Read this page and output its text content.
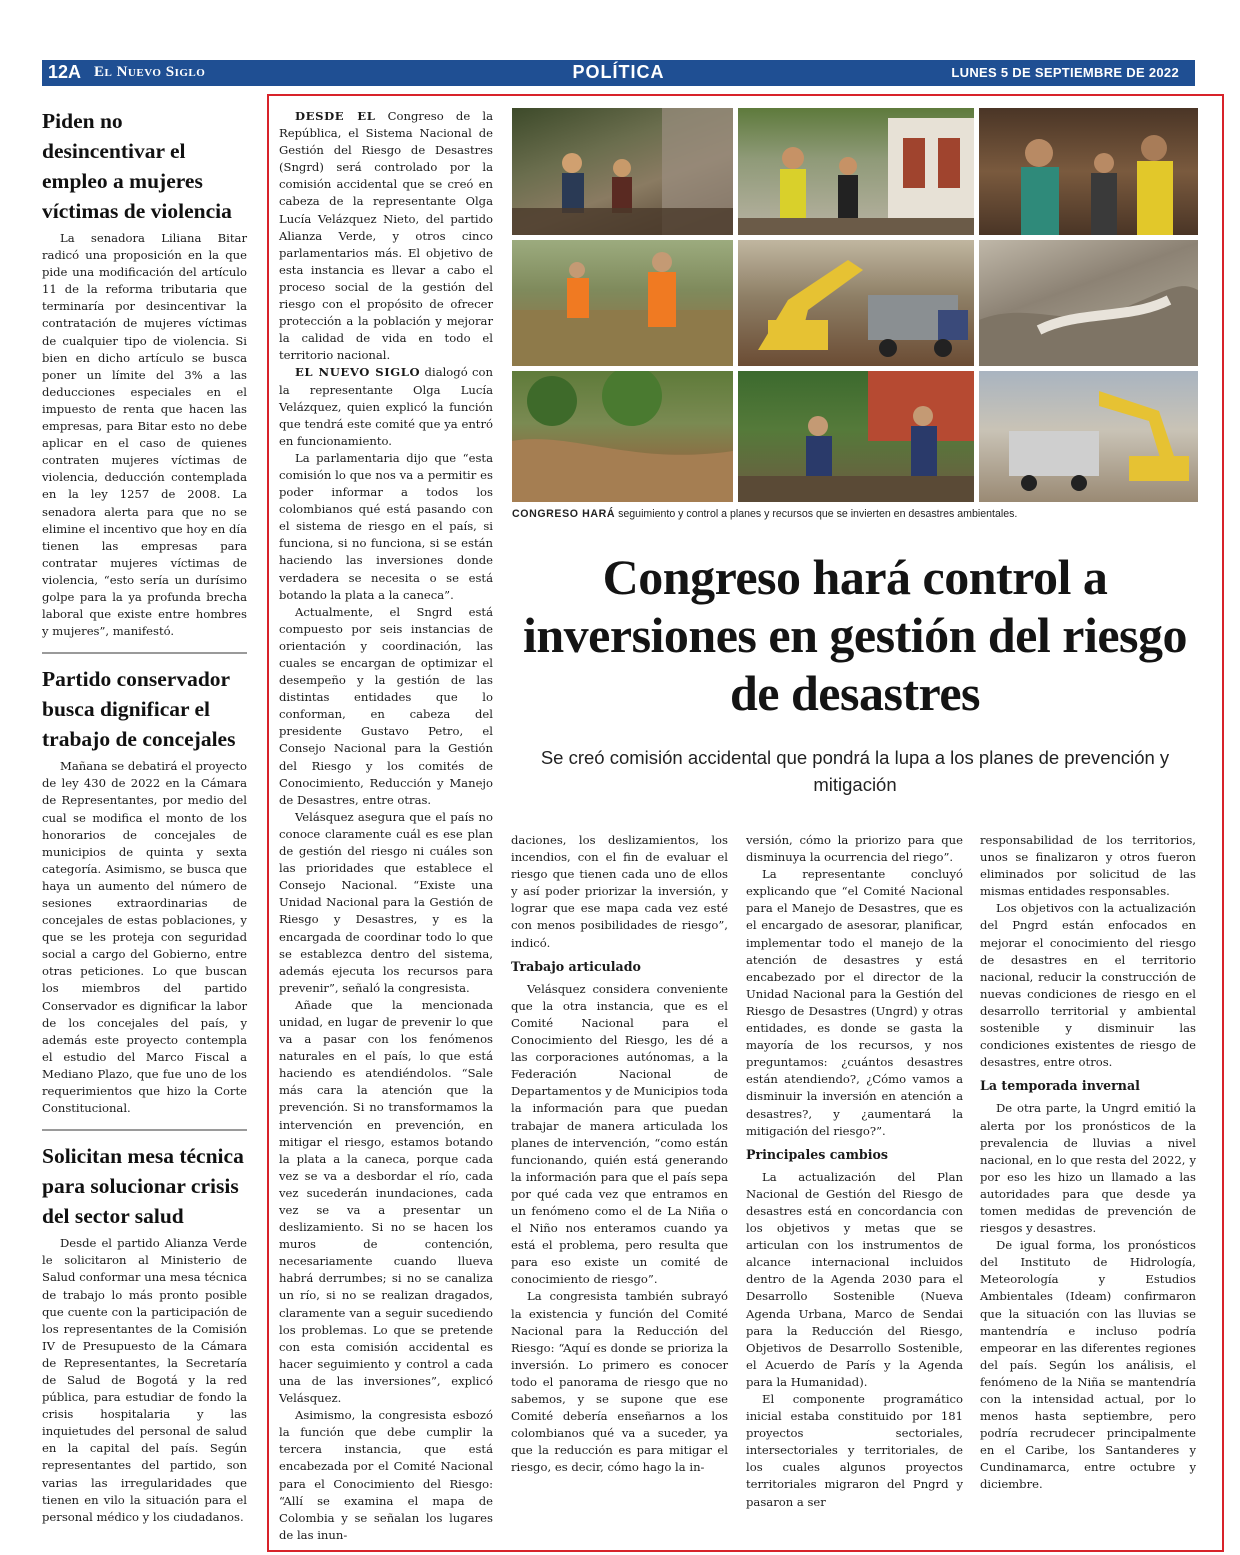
12A El Nuevo Siglo	POLÍTICA	LUNES 5 DE SEPTIEMBRE DE 2022
Piden no desincentivar el empleo a mujeres víctimas de violencia

La senadora Liliana Bitar radicó una proposición en la que pide una modificación del artículo 11 de la reforma tributaria que terminaría por desincentivar la contratación de mujeres víctimas de cualquier tipo de violencia. Si bien en dicho artículo se busca poner un límite del 3% a las deducciones especiales en el impuesto de renta que hacen las empresas, para Bitar esto no debe aplicar en el caso de quienes contraten mujeres víctimas de violencia, deducción contemplada en la ley 1257 de 2008. La senadora alerta para que no se elimine el incentivo que hoy en día tienen las empresas para contratar mujeres víctimas de violencia, “esto sería un durísimo golpe para la ya profunda brecha laboral que existe entre hombres y mujeres”, manifestó.

Partido conservador busca dignificar el trabajo de concejales

Mañana se debatirá el proyecto de ley 430 de 2022 en la Cámara de Representantes, por medio del cual se modifica el monto de los honorarios de concejales de municipios de quinta y sexta categoría. Asimismo, se busca que haya un aumento del número de sesiones extraordinarias de concejales de estas poblaciones, y que se les proteja con seguridad social a cargo del Gobierno, entre otras peticiones. Lo que buscan los miembros del partido Conservador es dignificar la labor de los concejales del país, y además este proyecto contempla el estudio del Marco Fiscal a Mediano Plazo, que fue uno de los requerimientos que hizo la Corte Constitucional.

Solicitan mesa técnica para solucionar crisis del sector salud

Desde el partido Alianza Verde le solicitaron al Ministerio de Salud conformar una mesa técnica de trabajo lo más pronto posible que cuente con la participación de los representantes de la Comisión IV de Presupuesto de la Cámara de Representantes, la Secretaría de Salud de Bogotá y la red pública, para estudiar de fondo la crisis hospitalaria y las inquietudes del personal de salud en la capital del país. Según representantes del partido, son varias las irregularidades que tienen en vilo la situación para el personal médico y los ciudadanos.

DESDE EL Congreso de la República, el Sistema Nacional de Gestión del Riesgo de Desastres (Sngrd) será controlado por la comisión accidental que se creó en cabeza de la representante Olga Lucía Velázquez Nieto, del partido Alianza Verde, y otros cinco parlamentarios más. El objetivo de esta instancia es llevar a cabo el proceso social de la gestión del riesgo con el propósito de ofrecer protección a la población y mejorar la calidad de vida en todo el territorio nacional.

EL NUEVO SIGLO dialogó con la representante Olga Lucía Velázquez, quien explicó la función que tendrá este comité que ya entró en funcionamiento.

La parlamentaria dijo que “esta comisión lo que nos va a permitir es poder informar a todos los colombianos qué está pasando con el sistema de riesgo en el país, si funciona, si no funciona, si se están haciendo las inversiones donde verdadera se necesita o se está botando la plata a la caneca”.

Actualmente, el Sngrd está compuesto por seis instancias de orientación y coordinación, las cuales se encargan de optimizar el desempeño y la gestión de las distintas entidades que lo conforman, en cabeza del presidente Gustavo Petro, el Consejo Nacional para la Gestión del Riesgo y los comités de Conocimiento, Reducción y Manejo de Desastres, entre otras.

Velásquez asegura que el país no conoce claramente cuál es ese plan de gestión del riesgo ni cuáles son las prioridades que establece el Consejo Nacional. “Existe una Unidad Nacional para la Gestión de Riesgo y Desastres, y es la encargada de coordinar todo lo que se establezca dentro del sistema, además ejecuta los recursos para prevenir”, señaló la congresista.

Añade que la mencionada unidad, en lugar de prevenir lo que va a pasar con los fenómenos naturales en el país, lo que está haciendo es atendiéndolos. “Sale más cara la atención que la prevención. Si no transformamos la intervención en prevención, en mitigar el riesgo, estamos botando la plata a la caneca, porque cada vez se va a desbordar el río, cada vez sucederán inundaciones, cada vez se va a presentar un deslizamiento. Si no se hacen los muros de contención, necesariamente cuando llueva habrá derrumbes; si no se canaliza un río, si no se realizan dragados, claramente van a seguir sucediendo los problemas. Lo que se pretende con esta comisión accidental es hacer seguimiento y control a cada una de las inversiones”, explicó Velásquez.

Asimismo, la congresista esbozó la función que debe cumplir la tercera instancia, que está encabezada por el Comité Nacional para el Conocimiento del Riesgo: “Allí se examina el mapa de Colombia y se señalan los lugares de las inun-

CONGRESO HARÁ seguimiento y control a planes y recursos que se invierten en desastres ambientales.
Congreso hará control a inversiones en gestión del riesgo de desastres

Se creó comisión accidental que pondrá la lupa a los planes de prevención y mitigación

daciones, los deslizamientos, los incendios, con el fin de evaluar el riesgo que tienen cada uno de ellos y así poder priorizar la inversión, y lograr que ese mapa cada vez esté con menos posibilidades de riesgo”, indicó.

Trabajo articulado

Velásquez considera conveniente que la otra instancia, que es el Comité Nacional para el Conocimiento del Riesgo, les dé a las corporaciones autónomas, a la Federación Nacional de Departamentos y de Municipios toda la información para que puedan trabajar de manera articulada los planes de intervención, “como están funcionando, quién está generando la información para que el país sepa por qué cada vez que entramos en un fenómeno como el de La Niña o el Niño nos enteramos cuando ya está el problema, pero resulta que para eso existe un comité de conocimiento de riesgo”.

La congresista también subrayó la existencia y función del Comité Nacional para la Reducción del Riesgo: “Aquí es donde se prioriza la inversión. Lo primero es conocer todo el panorama de riesgo que no sabemos, y se supone que ese Comité debería enseñarnos a los colombianos qué va a suceder, ya que la reducción es para mitigar el riesgo, es decir, cómo hago la in-

versión, cómo la priorizo para que disminuya la ocurrencia del riego”.

La representante concluyó explicando que “el Comité Nacional para el Manejo de Desastres, que es el encargado de asesorar, planificar, implementar todo el manejo de la atención de desastres y está encabezado por el director de la Unidad Nacional para la Gestión del Riesgo de Desastres (Ungrd) y otras entidades, es donde se gasta la mayoría de los recursos, y nos preguntamos: ¿cuántos desastres están atendiendo?, ¿Cómo vamos a disminuir la inversión en atención a desastres?, y ¿aumentará la mitigación del riesgo?”.

Principales cambios

La actualización del Plan Nacional de Gestión del Riesgo de desastres está en concordancia con los objetivos y metas que se articulan con los instrumentos de alcance internacional incluidos dentro de la Agenda 2030 para el Desarrollo Sostenible (Nueva Agenda Urbana, Marco de Sendai para la Reducción del Riesgo, Objetivos de Desarrollo Sostenible, el Acuerdo de París y la Agenda para la Humanidad).

El componente programático inicial estaba constituido por 181 proyectos sectoriales, intersectoriales y territoriales, de los cuales algunos proyectos territoriales migraron del Pngrd y pasaron a ser

responsabilidad de los territorios, unos se finalizaron y otros fueron eliminados por solicitud de las mismas entidades responsables.

Los objetivos con la actualización del Pngrd están enfocados en mejorar el conocimiento del riesgo de desastres en el territorio nacional, reducir la construcción de nuevas condiciones de riesgo en el desarrollo territorial y ambiental sostenible y disminuir las condiciones existentes de riesgo de desastres, entre otros.

La temporada invernal

De otra parte, la Ungrd emitió la alerta por los pronósticos de la prevalencia de lluvias a nivel nacional, en lo que resta del 2022, y por eso les hizo un llamado a las autoridades para que desde ya tomen medidas de prevención de riesgos y desastres.

De igual forma, los pronósticos del Instituto de Hidrología, Meteorología y Estudios Ambientales (Ideam) confirmaron que la situación con las lluvias se mantendría e incluso podría empeorar en las diferentes regiones del país. Según los análisis, el fenómeno de la Niña se mantendría con la intensidad actual, por lo menos hasta septiembre, pero podría recrudecer principalmente en el Caribe, los Santanderes y Cundinamarca, entre octubre y diciembre.
